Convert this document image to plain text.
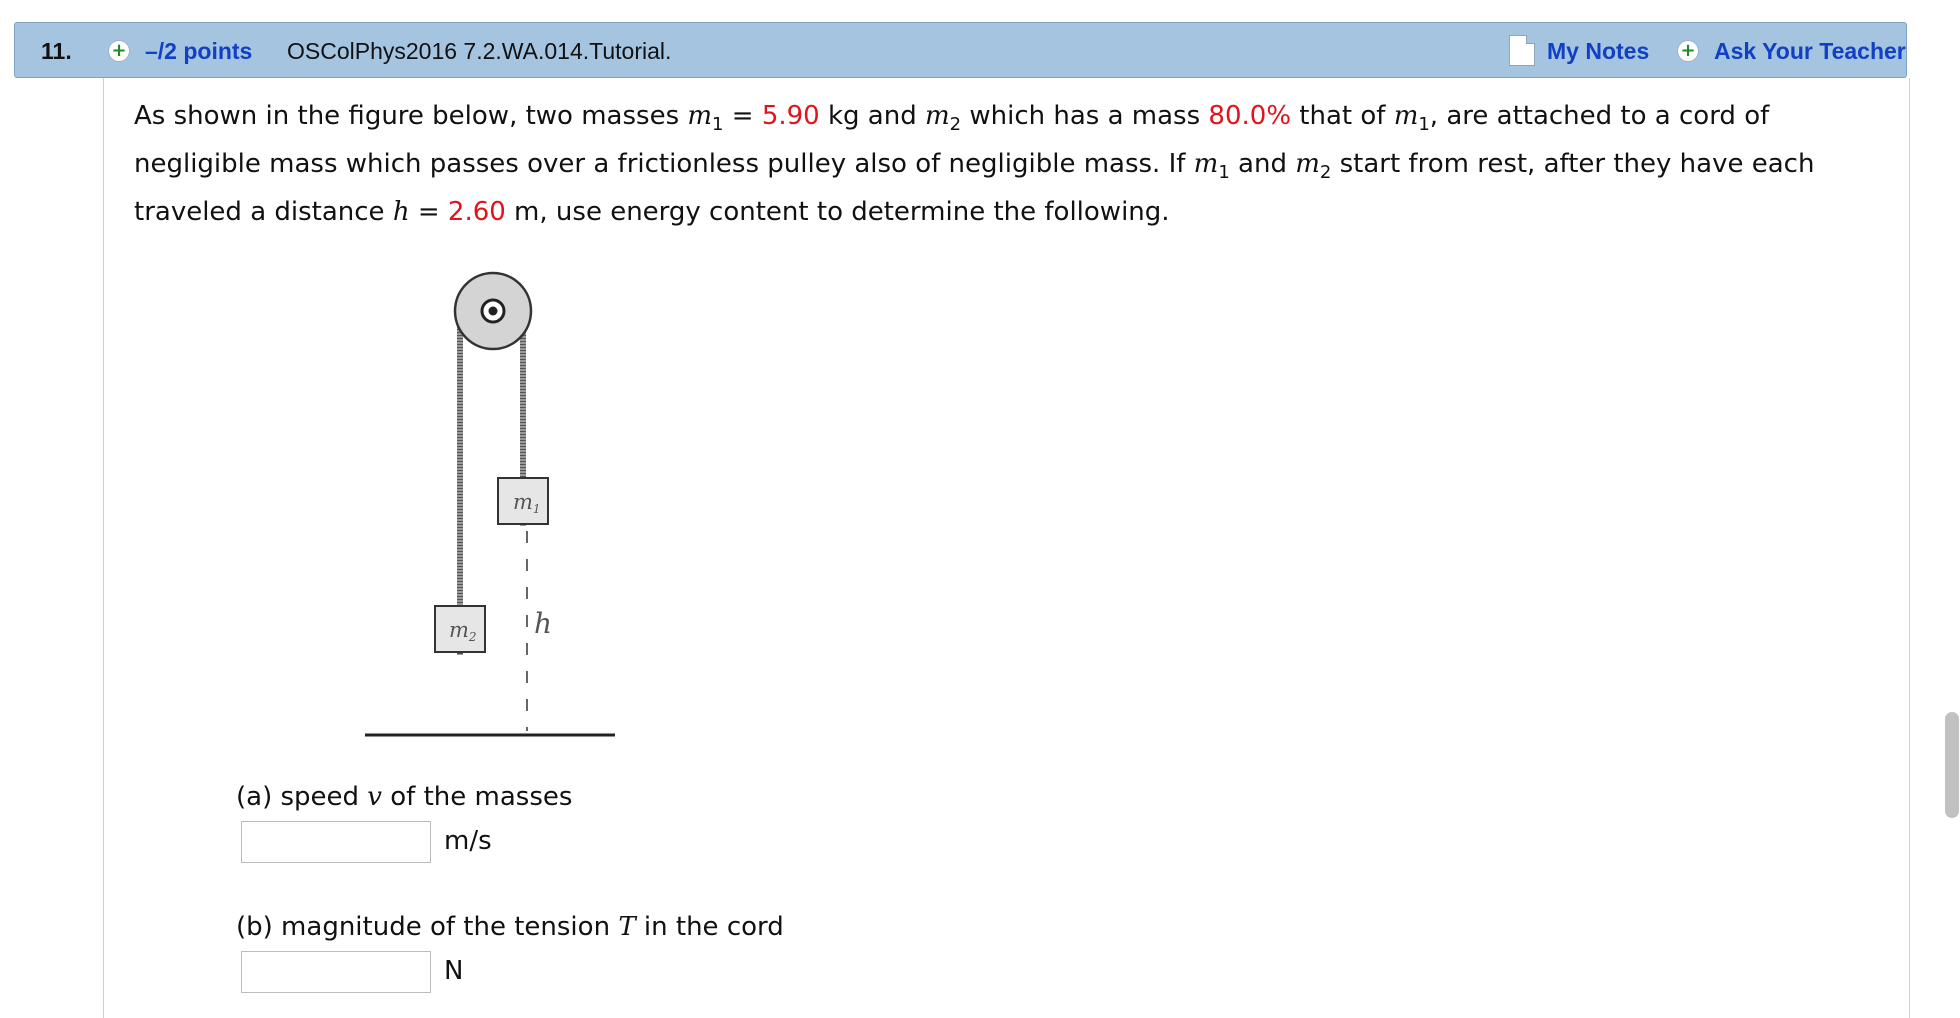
11. + –/2 points OSColPhys2016 7.2.WA.014.Tutorial.	My Notes + Ask Your Teacher
As shown in the figure below, two masses $m_1 = 5.90$ kg and $m_2$ which has a mass 80.0% that of $m_1$, are attached to a cord of negligible mass which passes over a frictionless pulley also of negligible mass. If $m_1$ and $m_2$ start from rest, after they have each traveled a distance h = 2.60 m, use energy content to determine the following.
m1
m2 h
(a) speed v of the masses
m/s
(b) magnitude of the tension T in the cord
N
